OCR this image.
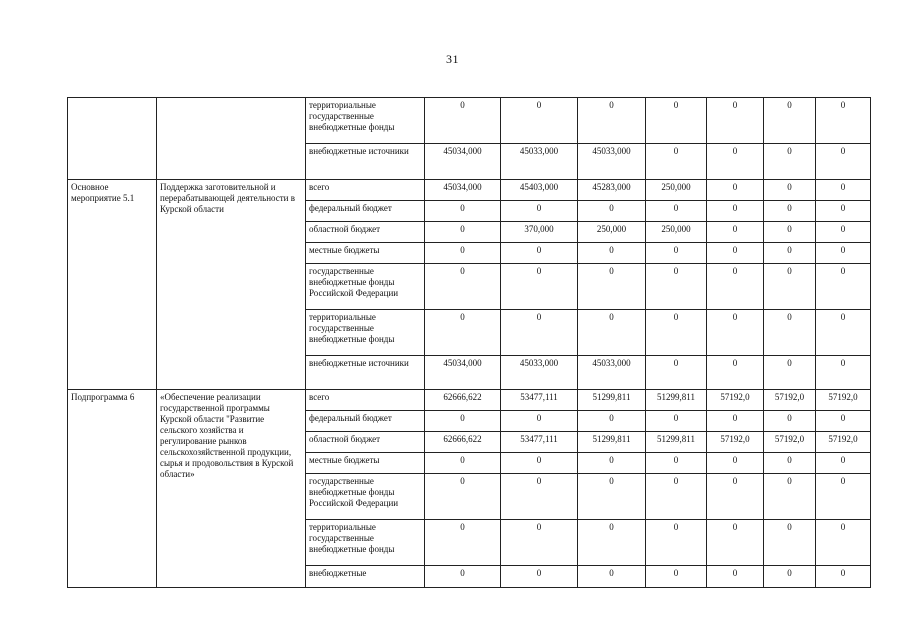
31
		территориальные государственные внебюджетные фонды	0	0	0	0	0	0	0
		внебюджетные источники	45034,000	45033,000	45033,000	0	0	0	0
Основное мероприятие 5.1	Поддержка заготовительной и перерабатывающей деятельности в Курской области	всего	45034,000	45403,000	45283,000	250,000	0	0	0
		федеральный бюджет	0	0	0	0	0	0	0
		областной бюджет	0	370,000	250,000	250,000	0	0	0
		местные бюджеты	0	0	0	0	0	0	0
		государственные внебюджетные фонды Российской Федерации	0	0	0	0	0	0	0
		территориальные государственные внебюджетные фонды	0	0	0	0	0	0	0
		внебюджетные источники	45034,000	45033,000	45033,000	0	0	0	0
Подпрограмма 6	«Обеспечение реализации государственной программы Курской области "Развитие сельского хозяйства и регулирование рынков сельскохозяйственной продукции, сырья и продовольствия в Курской области»	всего	62666,622	53477,111	51299,811	51299,811	57192,0	57192,0	57192,0
		федеральный бюджет	0	0	0	0	0	0	0
		областной бюджет	62666,622	53477,111	51299,811	51299,811	57192,0	57192,0	57192,0
		местные бюджеты	0	0	0	0	0	0	0
		государственные внебюджетные фонды Российской Федерации	0	0	0	0	0	0	0
		территориальные государственные внебюджетные фонды	0	0	0	0	0	0	0
		внебюджетные	0	0	0	0	0	0	0
